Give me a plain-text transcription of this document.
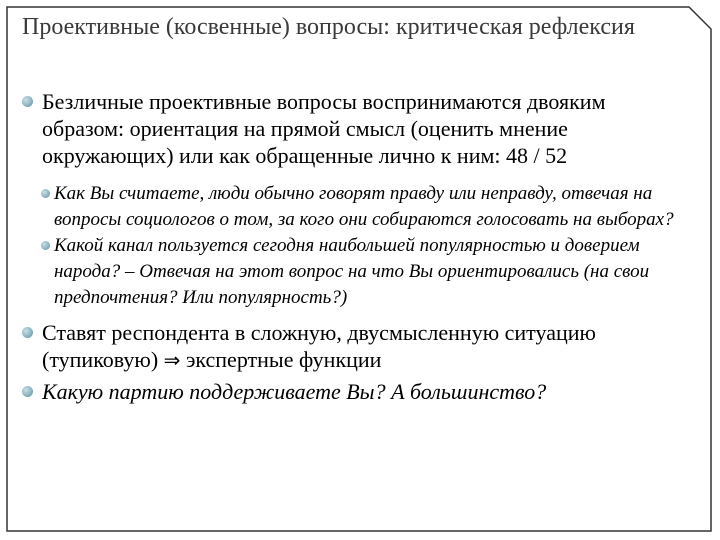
Проективные (косвенные) вопросы: критическая рефлексия
Безличные проективные вопросы воспринимаются двояким образом: ориентация на прямой смысл (оценить мнение окружающих) или как обращенные лично к ним: 48 / 52
Как Вы считаете, люди обычно говорят правду или неправду, отвечая на вопросы социологов о том, за кого они собираются голосовать на выборах?
Какой канал пользуется сегодня наибольшей популярностью и доверием народа? – Отвечая на этот вопрос на что Вы ориентировались (на свои предпочтения? Или популярность?)
Ставят респондента в сложную, двусмысленную ситуацию (тупиковую) ⇒ экспертные функции
Какую партию поддерживаете Вы? А большинство?
